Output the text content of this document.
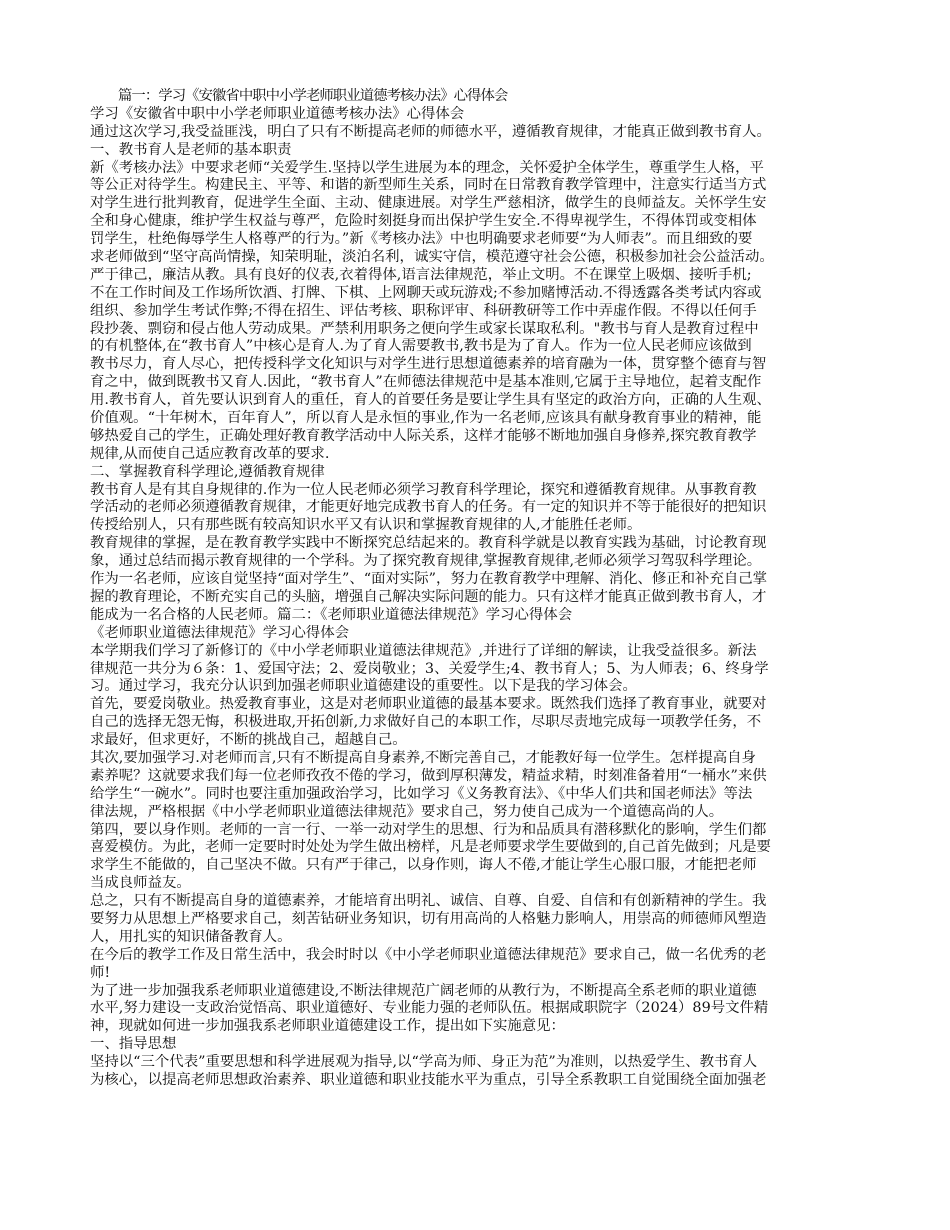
篇一：学习《安徽省中职中小学老师职业道德考核办法》心得体会
学习《安徽省中职中小学老师职业道德考核办法》心得体会
通过这次学习,我受益匪浅，明白了只有不断提高老师的师德水平，遵循教育规律，才能真正做到教书育人。
一、教书育人是老师的基本职责
新《考核办法》中要求老师“关爱学生.坚持以学生进展为本的理念，关怀爱护全体学生，尊重学生人格，平
等公正对待学生。构建民主、平等、和谐的新型师生关系，同时在日常教育教学管理中，注意实行适当方式
对学生进行批判教育，促进学生全面、主动、健康进展。对学生严慈相济，做学生的良师益友。关怀学生安
全和身心健康，维护学生权益与尊严，危险时刻挺身而出保护学生安全.不得卑视学生，不得体罚或变相体
罚学生，杜绝侮辱学生人格尊严的行为。”新《考核办法》中也明确要求老师要“为人师表”。而且细致的要
求老师做到“坚守高尚情操，知荣明耻，淡泊名利，诚实守信，模范遵守社会公德，积极参加社会公益活动。
严于律己，廉洁从教。具有良好的仪表,衣着得体,语言法律规范，举止文明。不在课堂上吸烟、接听手机;
不在工作时间及工作场所饮酒、打牌、下棋、上网聊天或玩游戏;不参加赌博活动.不得透露各类考试内容或
组织、参加学生考试作弊;不得在招生、评估考核、职称评审、科研教研等工作中弄虚作假。不得以任何手
段抄袭、剽窃和侵占他人劳动成果。严禁利用职务之便向学生或家长谋取私利。"教书与育人是教育过程中
的有机整体,在“教书育人”中核心是育人.为了育人需要教书,教书是为了育人。作为一位人民老师应该做到
教书尽力，育人尽心，把传授科学文化知识与对学生进行思想道德素养的培育融为一体，贯穿整个德育与智
育之中，做到既教书又育人.因此，“教书育人”在师德法律规范中是基本准则,它属于主导地位，起着支配作
用.教书育人，首先要认识到育人的重任，育人的首要任务是要让学生具有坚定的政治方向，正确的人生观、
价值观。“十年树木，百年育人”，所以育人是永恒的事业,作为一名老师,应该具有献身教育事业的精神，能
够热爱自己的学生，正确处理好教育教学活动中人际关系，这样才能够不断地加强自身修养,探究教育教学
规律,从而使自己适应教育改革的要求.
二、掌握教育科学理论,遵循教育规律
教书育人是有其自身规律的.作为一位人民老师必须学习教育科学理论，探究和遵循教育规律。从事教育教
学活动的老师必须遵循教育规律，才能更好地完成教书育人的任务。有一定的知识并不等于能很好的把知识
传授给别人，只有那些既有较高知识水平又有认识和掌握教育规律的人,才能胜任老师。
教育规律的掌握，是在教育教学实践中不断探究总结起来的。教育科学就是以教育实践为基础，讨论教育现
象，通过总结而揭示教育规律的一个学科。为了探究教育规律,掌握教育规律,老师必须学习驾驭科学理论。
作为一名老师，应该自觉坚持“面对学生”、“面对实际”，努力在教育教学中理解、消化、修正和补充自己掌
握的教育理论，不断充实自己的头脑，增强自己解决实际问题的能力。只有这样才能真正做到教书育人，才
能成为一名合格的人民老师。篇二：《老师职业道德法律规范》学习心得体会
《老师职业道德法律规范》学习心得体会
本学期我们学习了新修订的《中小学老师职业道德法律规范》,并进行了详细的解读，让我受益很多。新法
律规范一共分为６条：1、爱国守法；2、爱岗敬业；3、关爱学生;4、教书育人；5、为人师表；6、终身学
习。通过学习，我充分认识到加强老师职业道德建设的重要性。以下是我的学习体会。
首先，要爱岗敬业。热爱教育事业，这是对老师职业道德的最基本要求。既然我们选择了教育事业，就要对
自己的选择无怨无悔，积极进取,开拓创新,力求做好自己的本职工作，尽职尽责地完成每一项教学任务，不
求最好，但求更好，不断的挑战自己，超越自己。
其次,要加强学习.对老师而言,只有不断提高自身素养,不断完善自己，才能教好每一位学生。怎样提高自身
素养呢？这就要求我们每一位老师孜孜不倦的学习，做到厚积薄发，精益求精，时刻准备着用“一桶水”来供
给学生“一碗水”。同时也要注重加强政治学习，比如学习《义务教育法》、《中华人们共和国老师法》等法
律法规，严格根据《中小学老师职业道德法律规范》要求自己，努力使自己成为一个道德高尚的人。
第四，要以身作则。老师的一言一行、一举一动对学生的思想、行为和品质具有潜移默化的影响，学生们都
喜爱模仿。为此，老师一定要时时处处为学生做出榜样，凡是老师要求学生要做到的,自己首先做到；凡是要
求学生不能做的，自己坚决不做。只有严于律己，以身作则，诲人不倦,才能让学生心服口服，才能把老师
当成良师益友。
总之，只有不断提高自身的道德素养，才能培育出明礼、诚信、自尊、自爱、自信和有创新精神的学生。我
要努力从思想上严格要求自己，刻苦钻研业务知识，切有用高尚的人格魅力影响人，用崇高的师德师风塑造
人，用扎实的知识储备教育人。
在今后的教学工作及日常生活中，我会时时以《中小学老师职业道德法律规范》要求自己，做一名优秀的老
师!
为了进一步加强我系老师职业道德建设,不断法律规范广阔老师的从教行为，不断提高全系老师的职业道德
水平,努力建设一支政治觉悟高、职业道德好、专业能力强的老师队伍。根据咸职院字（2024）89号文件精
神，现就如何进一步加强我系老师职业道德建设工作，提出如下实施意见：
一、指导思想
坚持以“三个代表”重要思想和科学进展观为指导,以“学高为师、身正为范”为准则，以热爱学生、教书育人
为核心，以提高老师思想政治素养、职业道德和职业技能水平为重点，引导全系教职工自觉围绕全面加强老
